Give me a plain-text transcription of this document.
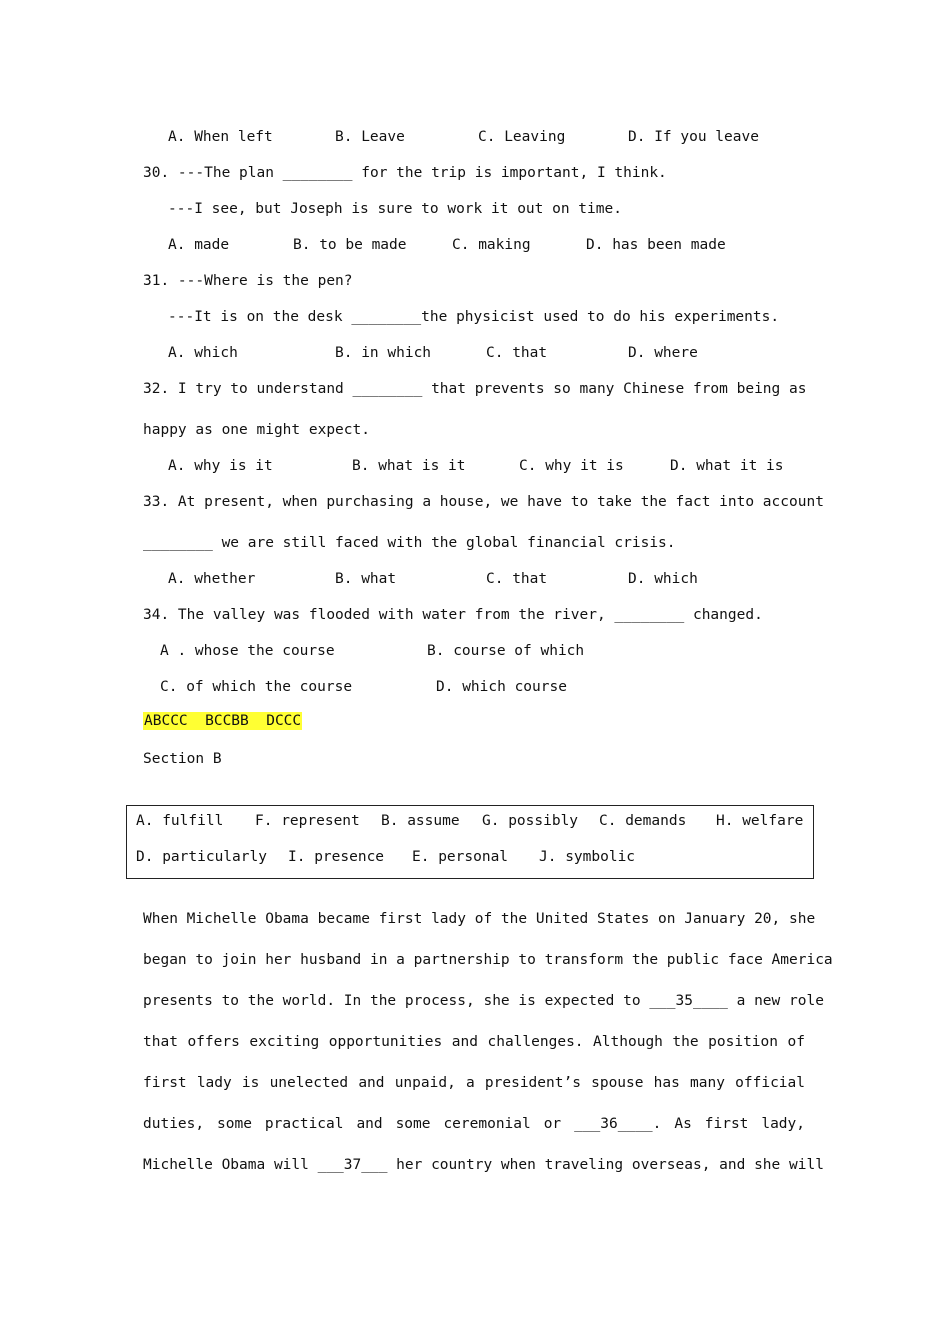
A. When left	B. Leave	C. Leaving	D. If you leave
30. ---The plan ________ for the trip is important, I think.
---I see, but Joseph is sure to work it out on time.
A. made	B. to be made	C. making	D. has been made
31. ---Where is the pen?
---It is on the desk ________the physicist used to do his experiments.
A. which	B. in which	C. that	D. where
32. I try to understand ________ that prevents so many Chinese from being as
happy as one might expect.
A. why is it	B. what is it	C. why it is	D. what it is
33. At present, when purchasing a house, we have to take the fact into account
________ we are still faced with the global financial crisis.
A. whether	B. what	C. that	D. which
34. The valley was flooded with water from the river, ________ changed.
A . whose the course	B. course of which
C. of which the course	D. which course
ABCCC  BCCBB  DCCC
Section B
A. fulfill F. represent B. assume G. possibly C. demands H. welfare
D. particularly I. presence E. personal J. symbolic
When Michelle Obama became first lady of the United States on January 20, she
began to join her husband in a partnership to transform the public face America
presents to the world. In the process, she is expected to ___35____ a new role
that offers exciting opportunities and challenges. Although the position of
first lady is unelected and unpaid, a president’s spouse has many official
duties, some practical and some ceremonial or ___36____. As first lady,
Michelle Obama will ___37___ her country when traveling overseas, and she will
